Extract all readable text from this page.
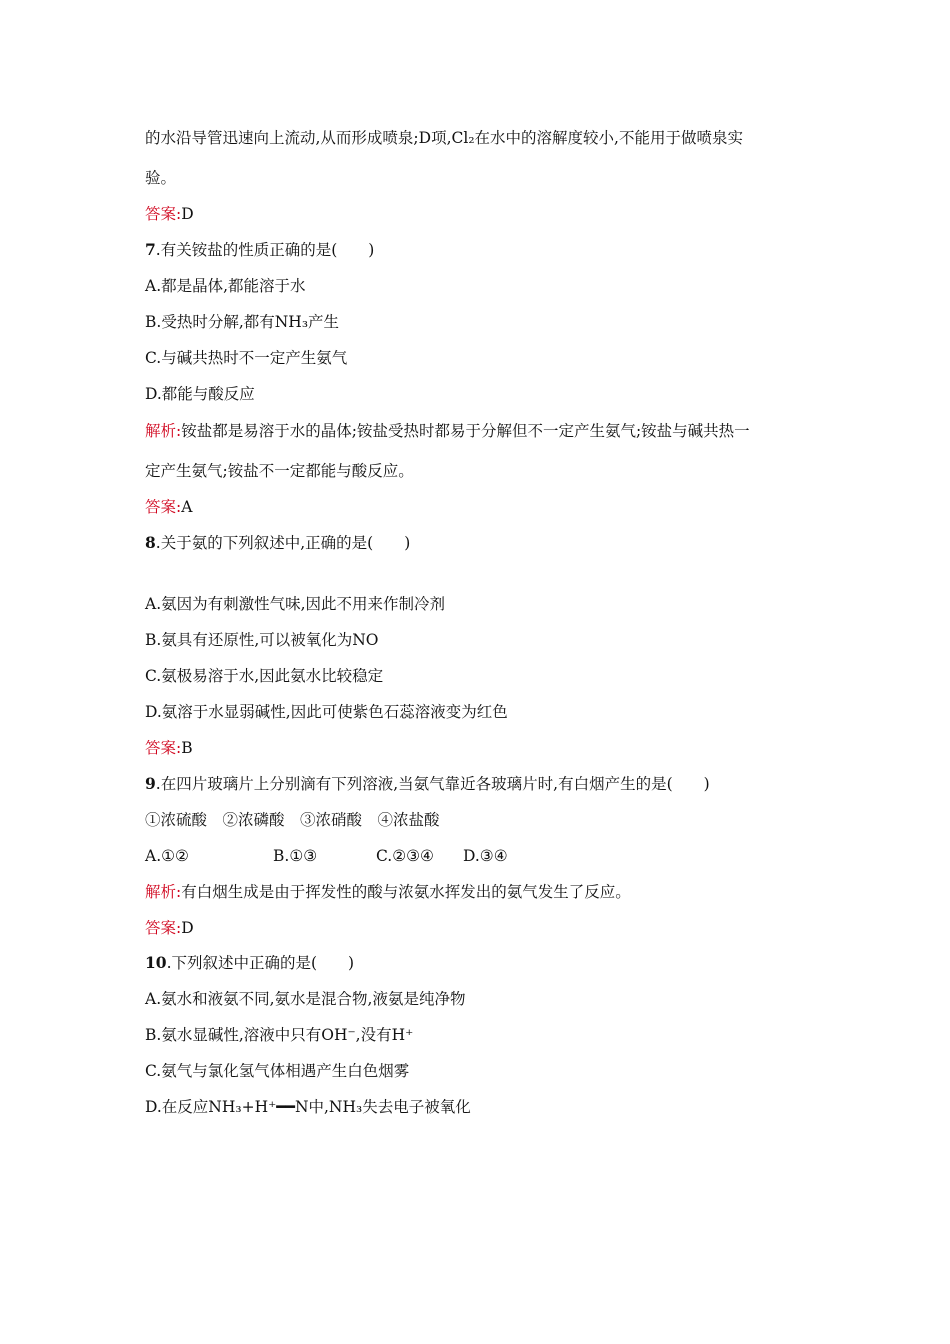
的水沿导管迅速向上流动,从而形成喷泉;D项,Cl₂在水中的溶解度较小,不能用于做喷泉实
验。
答案:D
7.有关铵盐的性质正确的是(　　)
A.都是晶体,都能溶于水
B.受热时分解,都有NH₃产生
C.与碱共热时不一定产生氨气
D.都能与酸反应
解析:铵盐都是易溶于水的晶体;铵盐受热时都易于分解但不一定产生氨气;铵盐与碱共热一
定产生氨气;铵盐不一定都能与酸反应。
答案:A
8.关于氨的下列叙述中,正确的是(　　)
A.氨因为有刺激性气味,因此不用来作制冷剂
B.氨具有还原性,可以被氧化为NO
C.氨极易溶于水,因此氨水比较稳定
D.氨溶于水显弱碱性,因此可使紫色石蕊溶液变为红色
答案:B
9.在四片玻璃片上分别滴有下列溶液,当氨气靠近各玻璃片时,有白烟产生的是(　　)
①浓硫酸　②浓磷酸　③浓硝酸　④浓盐酸
A.①②	B.①③	C.②③④ D.③④
解析:有白烟生成是由于挥发性的酸与浓氨水挥发出的氨气发生了反应。
答案:D
10.下列叙述中正确的是(　　)
A.氨水和液氨不同,氨水是混合物,液氨是纯净物
B.氨水显碱性,溶液中只有OH⁻,没有H⁺
C.氨气与氯化氢气体相遇产生白色烟雾
D.在反应NH₃+H⁺━━N中,NH₃失去电子被氧化
